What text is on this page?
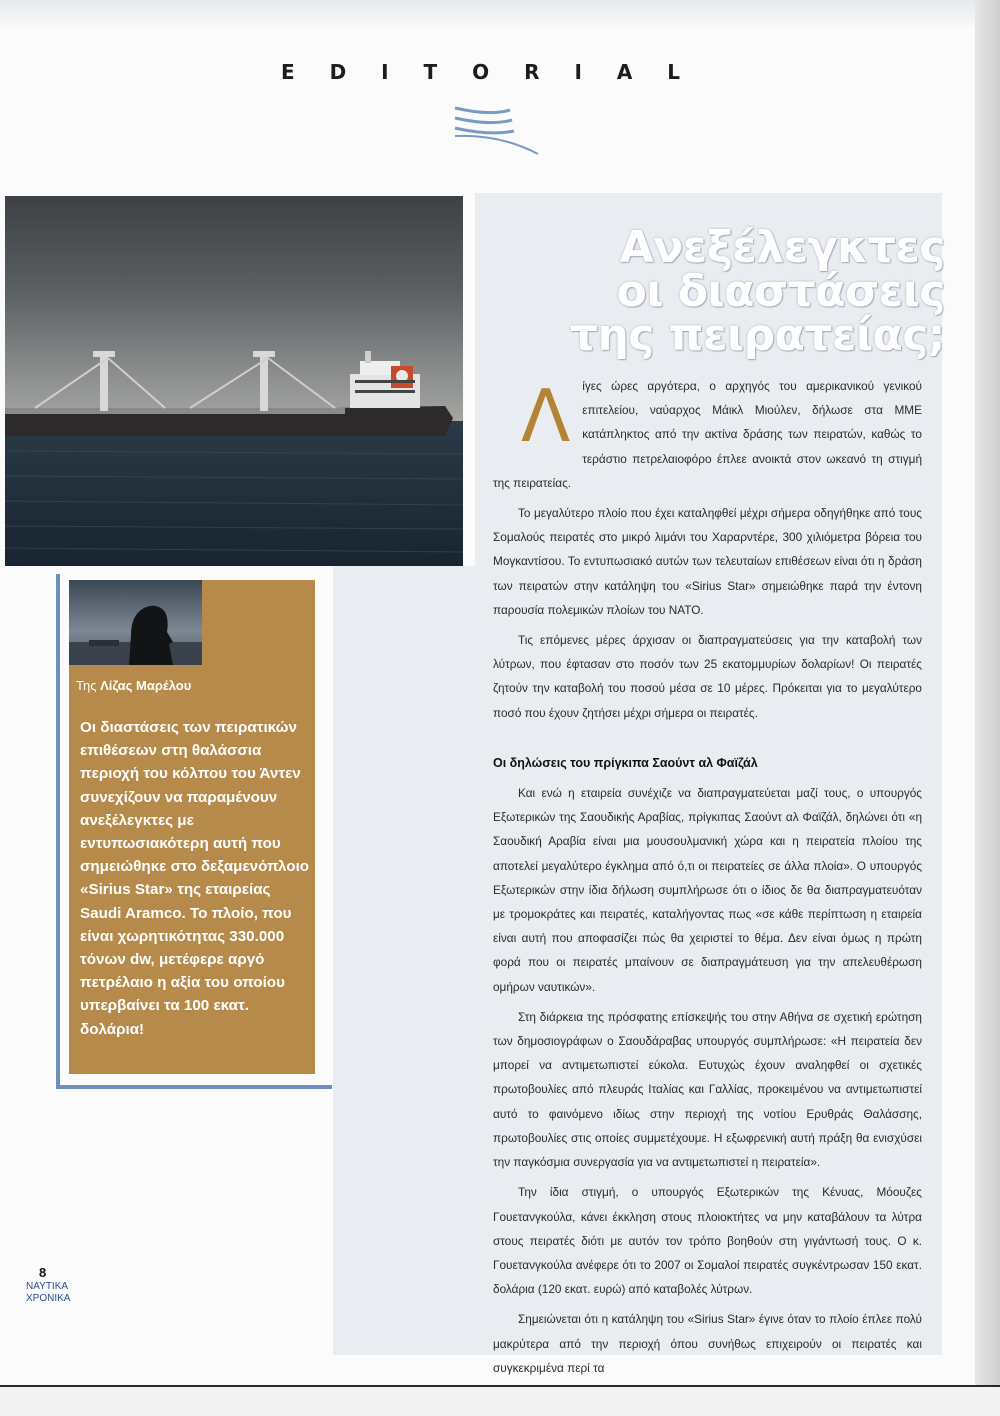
E D I T O R I A L
Ανεξέλεγκτες
οι διαστάσεις
της πειρατείας;
Της Λίζας Μαρέλου
Οι διαστάσεις των πειρατικών
επιθέσεων στη θαλάσσια
περιοχή του κόλπου του Άντεν
συνεχίζουν να παραμένουν
ανεξέλεγκτες με
εντυπωσιακότερη αυτή που
σημειώθηκε στο δεξαμενόπλοιο
«Sirius Star» της εταιρείας
Saudi Aramco. Το πλοίο, που
είναι χωρητικότητας 330.000
τόνων dw, μετέφερε αργό
πετρέλαιο η αξία του οποίου
υπερβαίνει τα 100 εκατ.
δολάρια!

Λ ίγες ώρες αργότερα, ο αρχηγός του αμερικανικού γενικού επιτελείου, ναύαρχος Μάικλ Μιούλεν, δήλωσε στα ΜΜΕ κατάπληκτος από την ακτίνα δράσης των πειρατών, καθώς το τεράστιο πετρελαιοφόρο έπλεε ανοικτά στον ωκεανό τη στιγμή της πειρατείας.

Το μεγαλύτερο πλοίο που έχει καταληφθεί μέχρι σήμερα οδηγήθηκε από τους Σομαλούς πειρατές στο μικρό λιμάνι του Χαραρντέρε, 300 χιλιόμετρα βόρεια του Μογκαντίσου. Το εντυπωσιακό αυτών των τελευταίων επιθέσεων είναι ότι η δράση των πειρατών στην κατάληψη του «Sirius Star» σημειώθηκε παρά την έντονη παρουσία πολεμικών πλοίων του ΝΑΤΟ.

Τις επόμενες μέρες άρχισαν οι διαπραγματεύσεις για την καταβολή των λύτρων, που έφτασαν στο ποσόν των 25 εκατομμυρίων δολαρίων! Οι πειρατές ζητούν την καταβολή του ποσού μέσα σε 10 μέρες. Πρόκειται για το μεγαλύτερο ποσό που έχουν ζητήσει μέχρι σήμερα οι πειρατές.

Οι δηλώσεις του πρίγκιπα Σαούντ αλ Φαϊζάλ

Και ενώ η εταιρεία συνέχιζε να διαπραγματεύεται μαζί τους, ο υπουργός Εξωτερικών της Σαουδικής Αραβίας, πρίγκιπας Σαούντ αλ Φαϊζάλ, δηλώνει ότι «η Σαουδική Αραβία είναι μια μουσουλμανική χώρα και η πειρατεία πλοίου της αποτελεί μεγαλύτερο έγκλημα από ό,τι οι πειρατείες σε άλλα πλοία». Ο υπουργός Εξωτερικών στην ίδια δήλωση συμπλήρωσε ότι ο ίδιος δε θα διαπραγματευόταν με τρομοκράτες και πειρατές, καταλήγοντας πως «σε κάθε περίπτωση η εταιρεία είναι αυτή που αποφασίζει πώς θα χειριστεί το θέμα. Δεν είναι όμως η πρώτη φορά που οι πειρατές μπαίνουν σε διαπραγμάτευση για την απελευθέρωση ομήρων ναυτικών».

Στη διάρκεια της πρόσφατης επίσκεψής του στην Αθήνα σε σχετική ερώτηση των δημοσιογράφων ο Σαουδάραβας υπουργός συμπλήρωσε: «Η πειρατεία δεν μπορεί να αντιμετωπιστεί εύκολα. Ευτυχώς έχουν αναληφθεί οι σχετικές πρωτοβουλίες από πλευράς Ιταλίας και Γαλλίας, προκειμένου να αντιμετωπιστεί αυτό το φαινόμενο ιδίως στην περιοχή της νοτίου Ερυθράς Θαλάσσης, πρωτοβουλίες στις οποίες συμμετέχουμε. Η εξωφρενική αυτή πράξη θα ενισχύσει την παγκόσμια συνεργασία για να αντιμετωπιστεί η πειρατεία».

Την ίδια στιγμή, ο υπουργός Εξωτερικών της Κένυας, Μόουζες Γουετανγκούλα, κάνει έκκληση στους πλοιοκτήτες να μην καταβάλουν τα λύτρα στους πειρατές διότι με αυτόν τον τρόπο βοηθούν στη γιγάντωσή τους. Ο κ. Γουετανγκούλα ανέφερε ότι το 2007 οι Σομαλοί πειρατές συγκέντρωσαν 150 εκατ. δολάρια (120 εκατ. ευρώ) από καταβολές λύτρων.

Σημειώνεται ότι η κατάληψη του «Sirius Star» έγινε όταν το πλοίο έπλεε πολύ μακρύτερα από την περιοχή όπου συνήθως επιχειρούν οι πειρατές και συγκεκριμένα περί τα

8
ΝΑΥΤΙΚΑ
ΧΡΟΝΙΚΑ
